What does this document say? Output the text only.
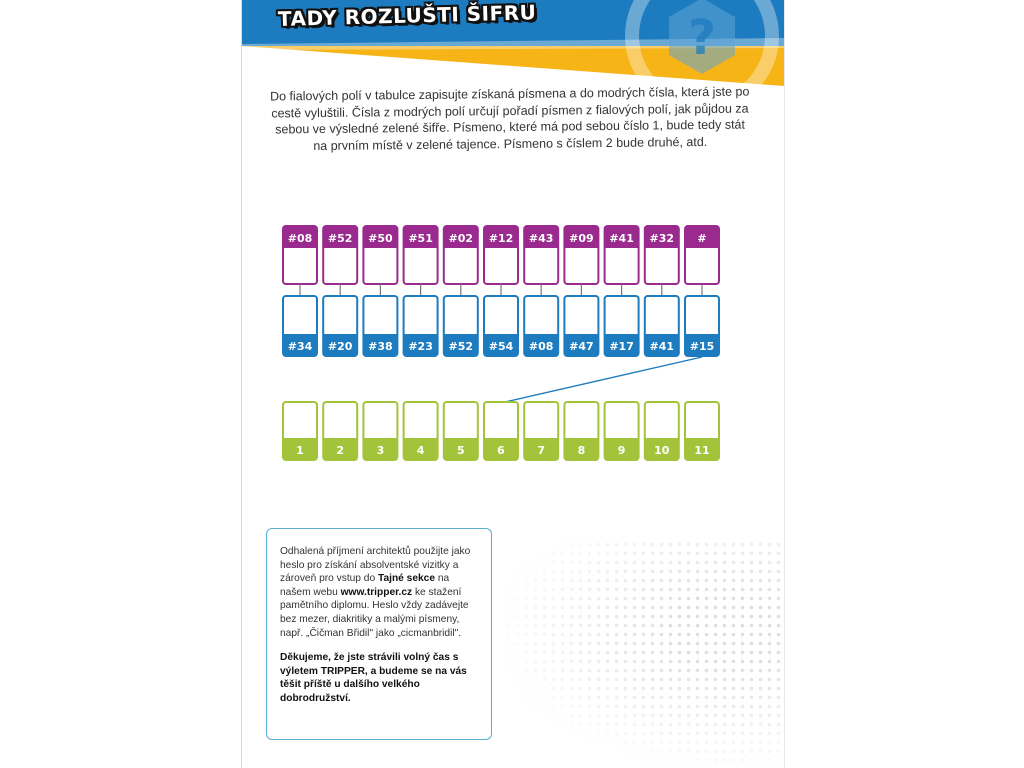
?
TADY ROZLUŠTI ŠIFRU
Do fialových polí v tabulce zapisujte získaná písmena a do modrých čísla, která jste po cestě vyluštili. Čísla z modrých polí určují pořadí písmen z fialových polí, jak půjdou za sebou ve výsledné zelené šifře. Písmeno, které má pod sebou číslo 1, bude tedy stát na prvním místě v zelené tajence. Písmeno s číslem 2 bude druhé, atd.
#08
#34
1
#52
#20
2
#50
#38
3
#51
#23
4
#02
#52
5
#12
#54
6
#43
#08
7
#09
#47
8
#41
#17
9
#32
#41
10
#
#15
11

Odhalená příjmení architektů použijte jako heslo pro získání absolventské vizitky a zároveň pro vstup do Tajné sekce na našem webu www.tripper.cz ke stažení pamětního diplomu. Heslo vždy zadávejte bez mezer, diakritiky a malými písmeny, např. „Čičman Břidil" jako „cicmanbridil".

Děkujeme, že jste strávili volný čas s výletem TRIPPER, a budeme se na vás těšit příště u dalšího velkého dobrodružství.
